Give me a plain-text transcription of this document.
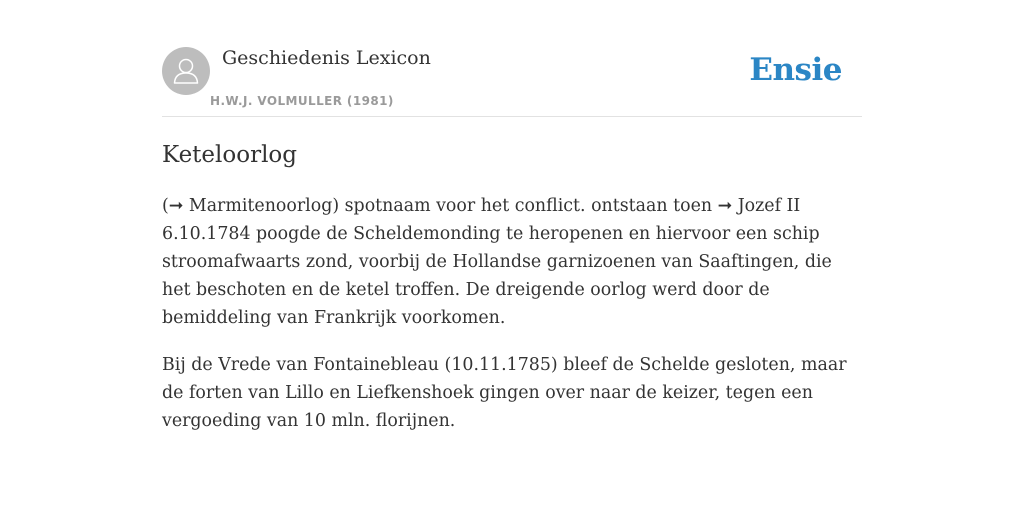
Geschiedenis Lexicon
H.W.J. VOLMULLER (1981)
Ensie
Keteloorlog

(➞ Marmitenoorlog) spotnaam voor het conflict. ontstaan toen ➞ Jozef II 6.10.1784 poogde de Scheldemonding te heropenen en hiervoor een schip stroomafwaarts zond, voorbij de Hollandse garnizoenen van Saaftingen, die het beschoten en de ketel troffen. De dreigende oorlog werd door de bemiddeling van Frankrijk voorkomen.

Bij de Vrede van Fontainebleau (10.11.1785) bleef de Schelde gesloten, maar de forten van Lillo en Liefkenshoek gingen over naar de keizer, tegen een vergoeding van 10 mln. florijnen.
